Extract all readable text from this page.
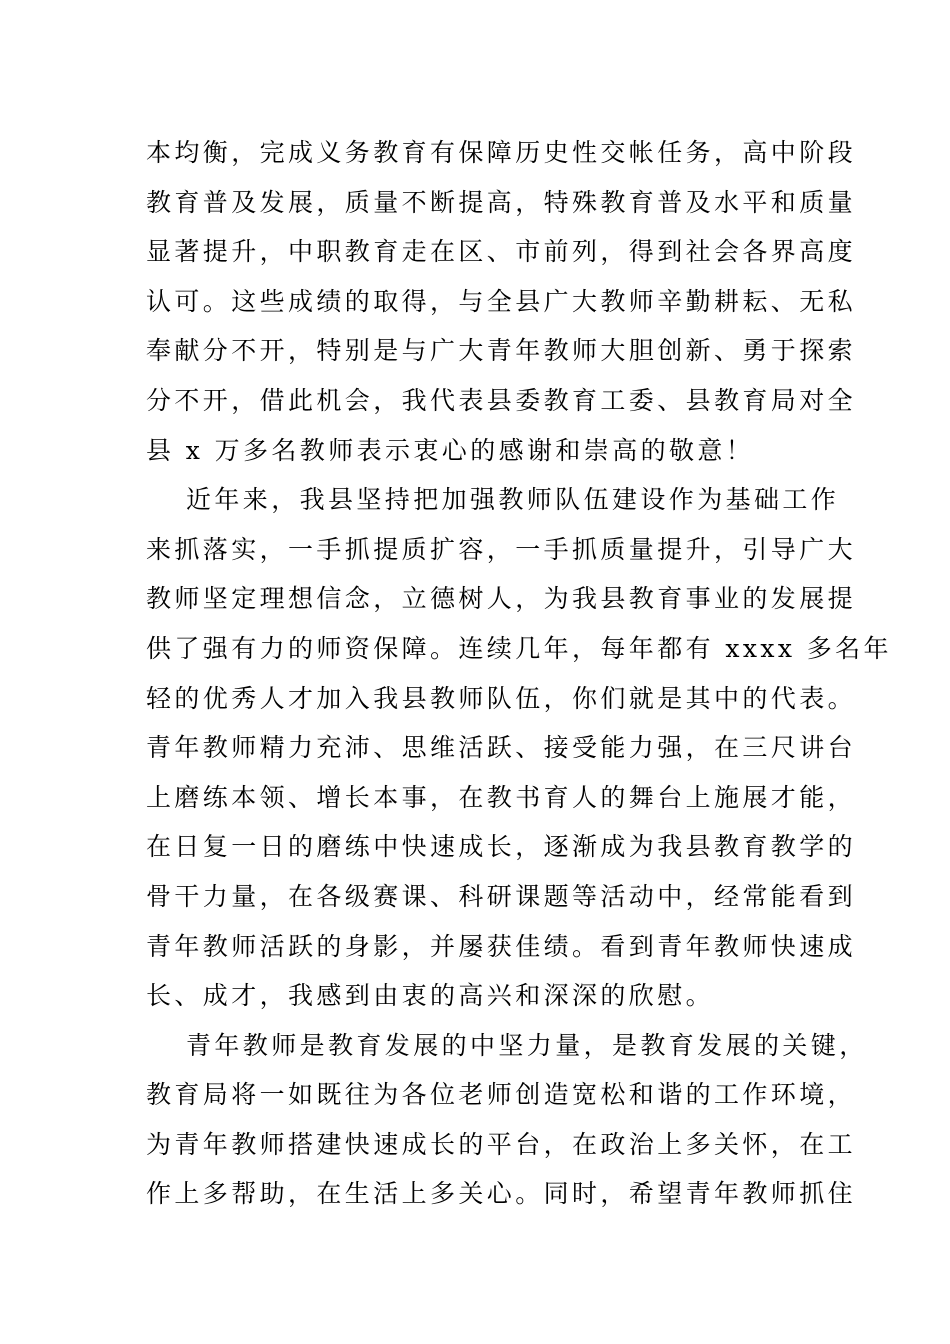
本均衡，完成义务教育有保障历史性交帐任务，高中阶段
教育普及发展，质量不断提高，特殊教育普及水平和质量
显著提升，中职教育走在区、市前列，得到社会各界高度
认可。这些成绩的取得，与全县广大教师辛勤耕耘、无私
奉献分不开，特别是与广大青年教师大胆创新、勇于探索
分不开，借此机会，我代表县委教育工委、县教育局对全
县 x 万多名教师表示衷心的感谢和崇高的敬意！
近年来，我县坚持把加强教师队伍建设作为基础工作
来抓落实，一手抓提质扩容，一手抓质量提升，引导广大
教师坚定理想信念，立德树人，为我县教育事业的发展提
供了强有力的师资保障。连续几年，每年都有 xxxx 多名年
轻的优秀人才加入我县教师队伍，你们就是其中的代表。
青年教师精力充沛、思维活跃、接受能力强，在三尺讲台
上磨练本领、增长本事，在教书育人的舞台上施展才能，
在日复一日的磨练中快速成长，逐渐成为我县教育教学的
骨干力量，在各级赛课、科研课题等活动中，经常能看到
青年教师活跃的身影，并屡获佳绩。看到青年教师快速成
长、成才，我感到由衷的高兴和深深的欣慰。
青年教师是教育发展的中坚力量，是教育发展的关键，
教育局将一如既往为各位老师创造宽松和谐的工作环境，
为青年教师搭建快速成长的平台，在政治上多关怀，在工
作上多帮助，在生活上多关心。同时，希望青年教师抓住
